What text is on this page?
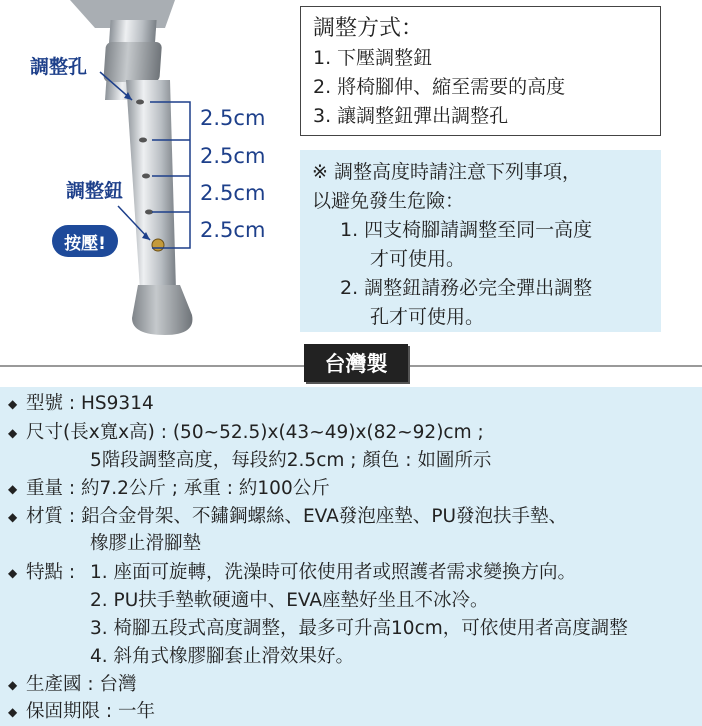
調整孔
調整鈕
按壓!
2.5cm
2.5cm
2.5cm
2.5cm
調整方式：
1. 下壓調整鈕
2. 將椅腳伸、縮至需要的高度
3. 讓調整鈕彈出調整孔
※ 調整高度時請注意下列事項，
以避免發生危險：
1. 四支椅腳請調整至同一高度
才可使用。
2. 調整鈕請務必完全彈出調整
孔才可使用。
台灣製
◆ 型號 : HS9314
◆ 尺寸(長x寬x高) : (50~52.5)x(43~49)x(82~92)cm ;
5階段調整高度，每段約2.5cm ; 顏色 : 如圖所示
◆ 重量 : 約7.2公斤 ; 承重 : 約100公斤
◆ 材質 : 鋁合金骨架、不鏽鋼螺絲、EVA發泡座墊、PU發泡扶手墊、
橡膠止滑腳墊
◆ 特點 : 1. 座面可旋轉，洗澡時可依使用者或照護者需求變換方向。
2. PU扶手墊軟硬適中、EVA座墊好坐且不冰冷。
3. 椅腳五段式高度調整，最多可升高10cm，可依使用者高度調整
4. 斜角式橡膠腳套止滑效果好。
◆ 生產國 : 台灣
◆ 保固期限 : 一年
